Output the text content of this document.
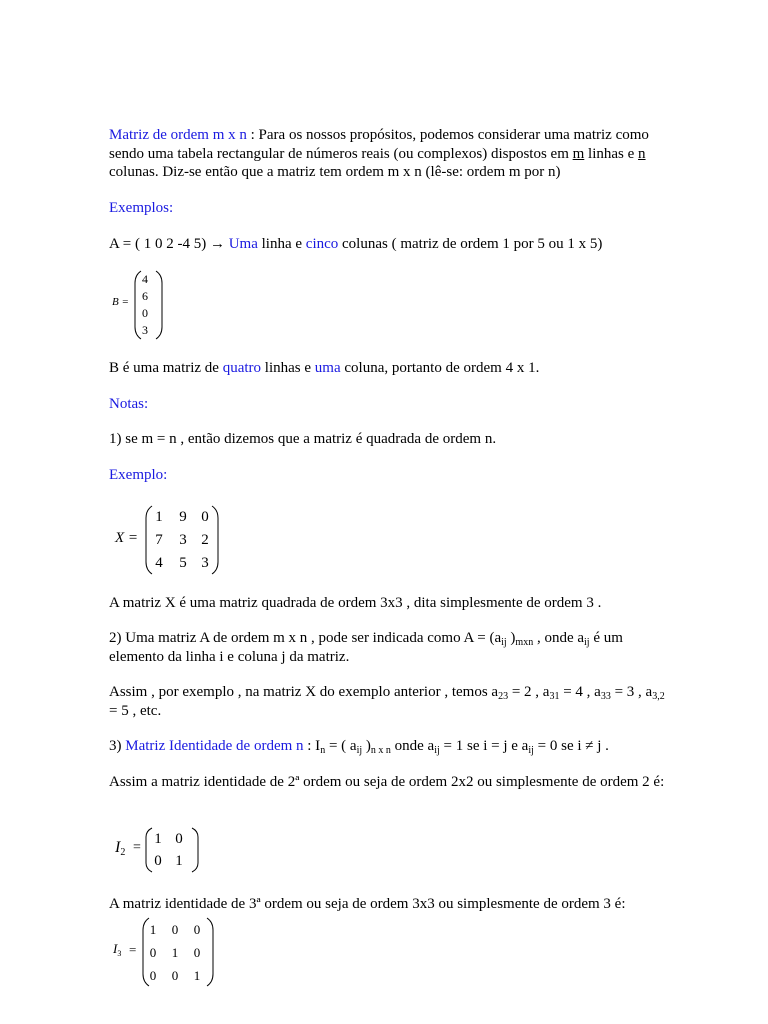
Matriz de ordem m x n : Para os nossos propósitos, podemos considerar uma matriz como sendo uma tabela rectangular de números reais (ou complexos) dispostos em m linhas e n colunas. Diz-se então que a matriz tem ordem m x n (lê-se: ordem m por n)
Exemplos:
A = ( 1 0 2 -4 5) → Uma linha e cinco colunas ( matriz de ordem 1 por 5 ou 1 x 5)
B =
4
6
0
3
B é uma matriz de quatro linhas e uma coluna, portanto de ordem 4 x 1.
Notas:
1) se m = n , então dizemos que a matriz é quadrada de ordem n.
Exemplo:
X =
1	9 0
7	3 2
4	5 3
A matriz X é uma matriz quadrada de ordem 3x3 , dita simplesmente de ordem 3 .
2) Uma matriz A de ordem m x n , pode ser indicada como $A = (a_{ij}$ )$_{mxn}$ , onde $a_{ij}$ é um elemento da linha i e coluna j da matriz.
Assim , por exemplo , na matriz X do exemplo anterior , temos $a_{23} = 2$ , $a_{31} = 4$ , $a_{33} = 3$ , $a_{3,2} = 5$ , etc.
3) Matriz Identidade de ordem n : $I_n$ = ( $a_{ij}$ )$_{n x n}$ onde $a_{ij} = 1$ se i = j e $a_{ij} = 0$ se i ≠ j .
Assim a matriz identidade de 2ª ordem ou seja de ordem 2x2 ou simplesmente de ordem 2 é:
$I_2$ =
1 0
0 1
A matriz identidade de 3ª ordem ou seja de ordem 3x3 ou simplesmente de ordem 3 é:
$I_3$ =
1	0	0
0	1	0
0	0	1
